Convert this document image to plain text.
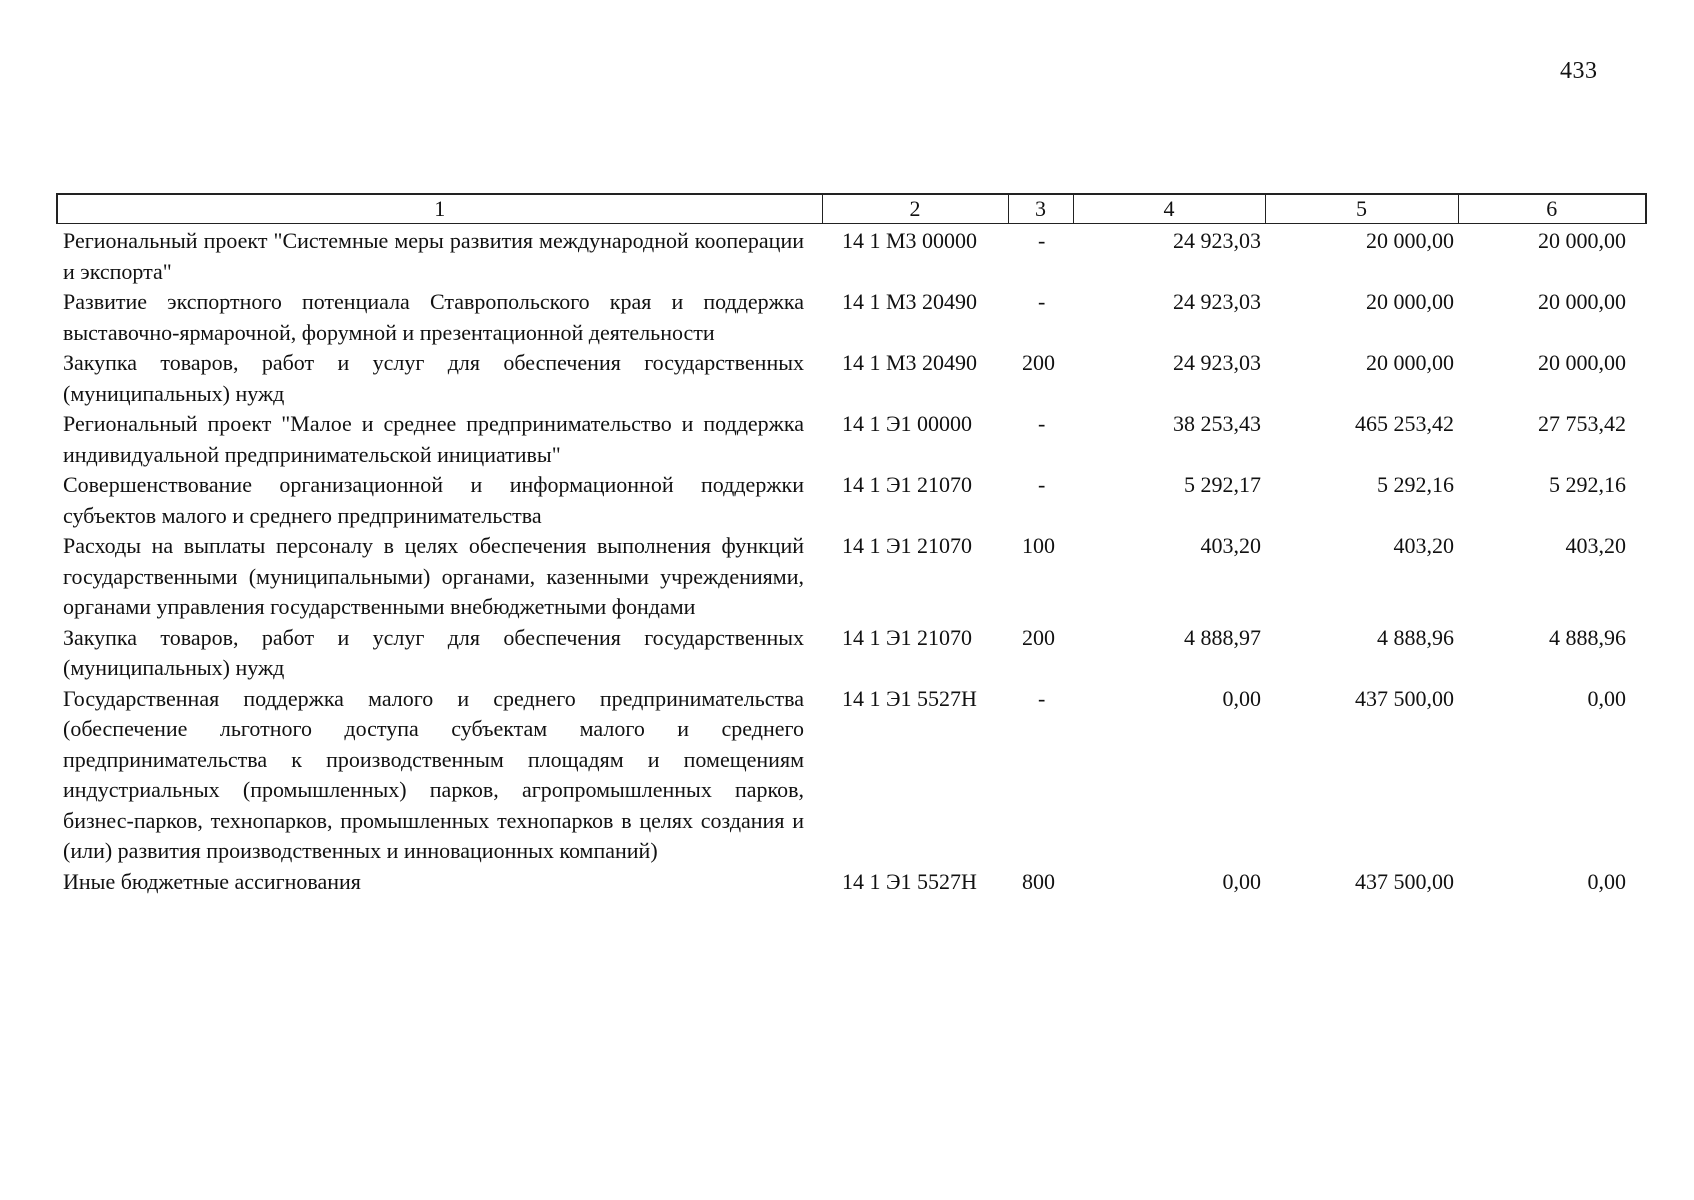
433
1	2	3	4	5	6
Региональный проект "Системные меры развития международной кооперации и экспорта"	14 1 М3 00000	-	24 923,03	20 000,00	20 000,00
Развитие экспортного потенциала Ставропольского края и поддержка выставочно-ярмарочной, форумной и презентационной деятельности	14 1 М3 20490	-	24 923,03	20 000,00	20 000,00
Закупка товаров, работ и услуг для обеспечения государственных (муниципальных) нужд	14 1 М3 20490	200	24 923,03	20 000,00	20 000,00
Региональный проект "Малое и среднее предпринимательство и поддержка индивидуальной предпринимательской инициативы"	14 1 Э1 00000	-	38 253,43	465 253,42	27 753,42
Совершенствование организационной и информационной поддержки субъектов малого и среднего предпринимательства	14 1 Э1 21070	-	5 292,17	5 292,16	5 292,16
Расходы на выплаты персоналу в целях обеспечения выполнения функций государственными (муниципальными) органами, казенными учреждениями, органами управления государственными внебюджетными фондами	14 1 Э1 21070	100	403,20	403,20	403,20
Закупка товаров, работ и услуг для обеспечения государственных (муниципальных) нужд	14 1 Э1 21070	200	4 888,97	4 888,96	4 888,96
Государственная поддержка малого и среднего предпринимательства (обеспечение льготного доступа субъектам малого и среднего предпринимательства к производственным площадям и помещениям индустриальных (промышленных) парков, агропромышленных парков, бизнес-парков, технопарков, промышленных технопарков в целях создания и (или) развития производственных и инновационных компаний)	14 1 Э1 5527Н	-	0,00	437 500,00	0,00
Иные бюджетные ассигнования	14 1 Э1 5527Н	800	0,00	437 500,00	0,00
